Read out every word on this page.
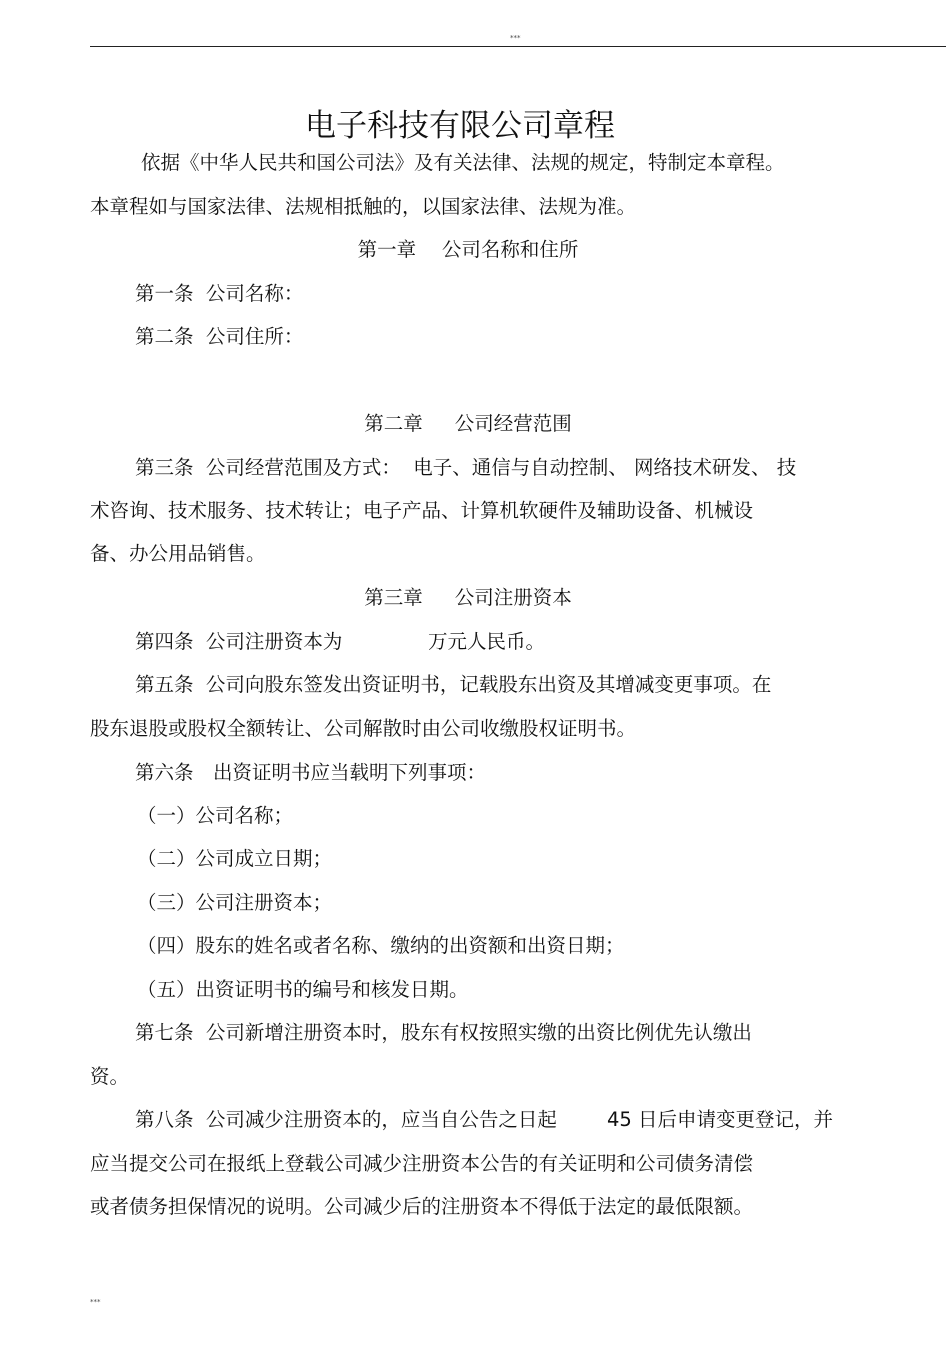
***
电子科技有限公司章程
依据《中华人民共和国公司法》及有关法律、法规的规定，特制定本章程。
本章程如与国家法律、法规相抵触的，以国家法律、法规为准。
第一章　 公司名称和住所
第一条  公司名称：
第二条  公司住所：
第二章　  公司经营范围
第三条  公司经营范围及方式：  电子、通信与自动控制、 网络技术研发、 技
术咨询、技术服务、技术转让；电子产品、计算机软硬件及辅助设备、机械设
备、办公用品销售。
第三章　  公司注册资本
第四条  公司注册资本为	万元人民币。
第五条  公司向股东签发出资证明书，记载股东出资及其增减变更事项。在
股东退股或股权全额转让、公司解散时由公司收缴股权证明书。
第六条　出资证明书应当载明下列事项：
（一）公司名称；
（二）公司成立日期；
（三）公司注册资本；
（四）股东的姓名或者名称、缴纳的出资额和出资日期；
（五）出资证明书的编号和核发日期。
第七条  公司新增注册资本时，股东有权按照实缴的出资比例优先认缴出
资。
第八条  公司减少注册资本的，应当自公告之日起	45 日后申请变更登记，并
应当提交公司在报纸上登载公司减少注册资本公告的有关证明和公司债务清偿
或者债务担保情况的说明。公司减少后的注册资本不得低于法定的最低限额。
***
